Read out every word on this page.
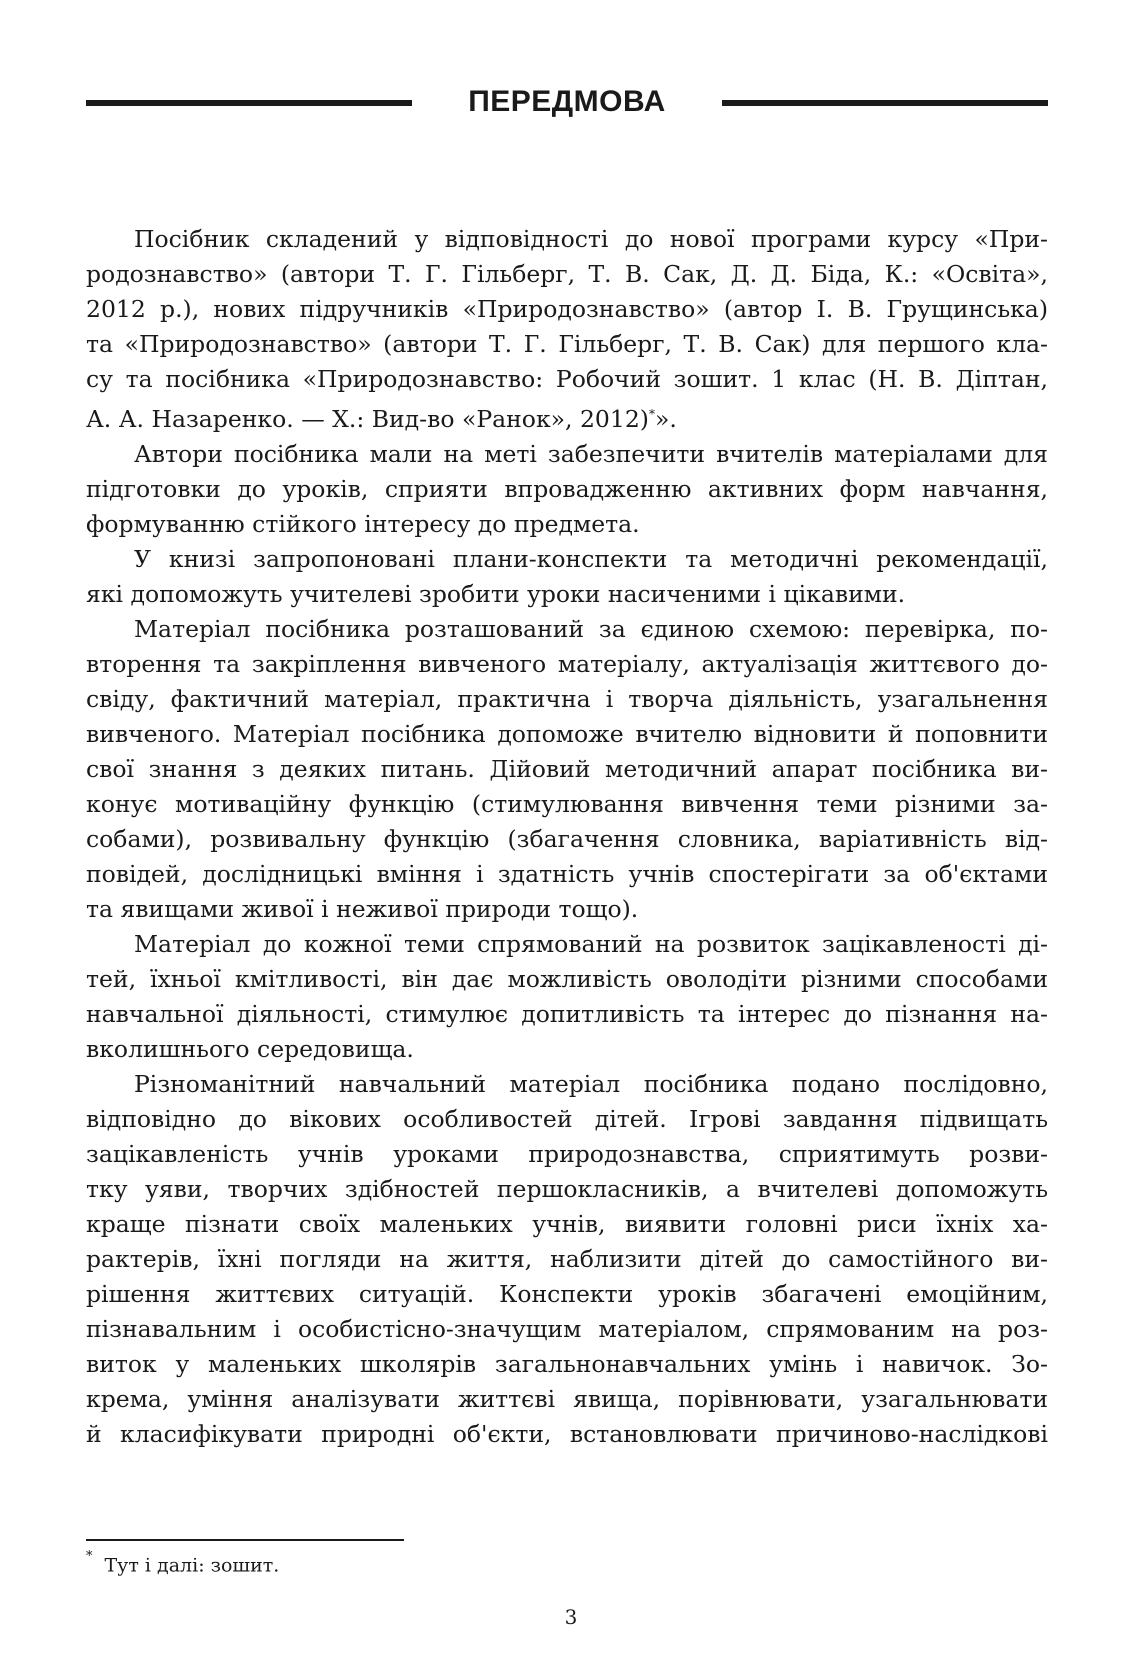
ПЕРЕДМОВА
Посібник складений у відповідності до нової програми курсу «При-
родознавство» (автори Т. Г. Гільберг, Т. В. Сак, Д. Д. Біда, К.: «Освіта»,
2012 р.), нових підручників «Природознавство» (автор І. В. Грущинська)
та «Природознавство» (автори Т. Г. Гільберг, Т. В. Сак) для першого кла-
су та посібника «Природознавство: Робочий зошит. 1 клас (Н. В. Діптан,
А. А. Назаренко. — Х.: Вид-во «Ранок», 2012)*».
Автори посібника мали на меті забезпечити вчителів матеріалами для
підготовки до уроків, сприяти впровадженню активних форм навчання,
формуванню стійкого інтересу до предмета.
У книзі запропоновані плани-конспекти та методичні рекомендації,
які допоможуть учителеві зробити уроки насиченими і цікавими.
Матеріал посібника розташований за єдиною схемою: перевірка, по-
вторення та закріплення вивченого матеріалу, актуалізація життєвого до-
свіду, фактичний матеріал, практична і творча діяльність, узагальнення
вивченого. Матеріал посібника допоможе вчителю відновити й поповнити
свої знання з деяких питань. Дійовий методичний апарат посібника ви-
конує мотиваційну функцію (стимулювання вивчення теми різними за-
собами), розвивальну функцію (збагачення словника, варіативність від-
повідей, дослідницькі вміння і здатність учнів спостерігати за об'єктами
та явищами живої і неживої природи тощо).
Матеріал до кожної теми спрямований на розвиток зацікавленості ді-
тей, їхньої кмітливості, він дає можливість оволодіти різними способами
навчальної діяльності, стимулює допитливість та інтерес до пізнання на-
вколишнього середовища.
Різноманітний навчальний матеріал посібника подано послідовно,
відповідно до вікових особливостей дітей. Ігрові завдання підвищать
зацікавленість учнів уроками природознавства, сприятимуть розви-
тку уяви, творчих здібностей першокласників, а вчителеві допоможуть
краще пізнати своїх маленьких учнів, виявити головні риси їхніх ха-
рактерів, їхні погляди на життя, наблизити дітей до самостійного ви-
рішення життєвих ситуацій. Конспекти уроків збагачені емоційним,
пізнавальним і особистісно-значущим матеріалом, спрямованим на роз-
виток у маленьких школярів загальнонавчальних умінь і навичок. Зо-
крема, уміння аналізувати життєві явища, порівнювати, узагальнювати
й класифікувати природні об'єкти, встановлювати причиново-наслідкові
* Тут і далі: зошит.
3
